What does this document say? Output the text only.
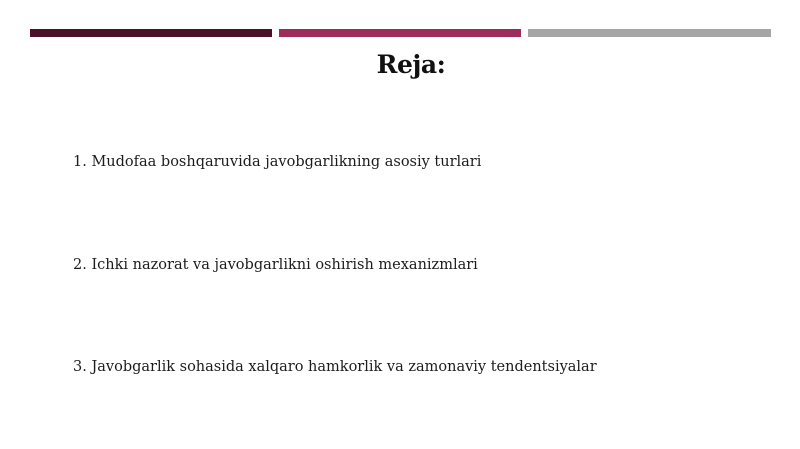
Reja:
1. Mudofaa boshqaruvida javobgarlikning asosiy turlari
2. Ichki nazorat va javobgarlikni oshirish mexanizmlari
3. Javobgarlik sohasida xalqaro hamkorlik va zamonaviy tendentsiyalar
